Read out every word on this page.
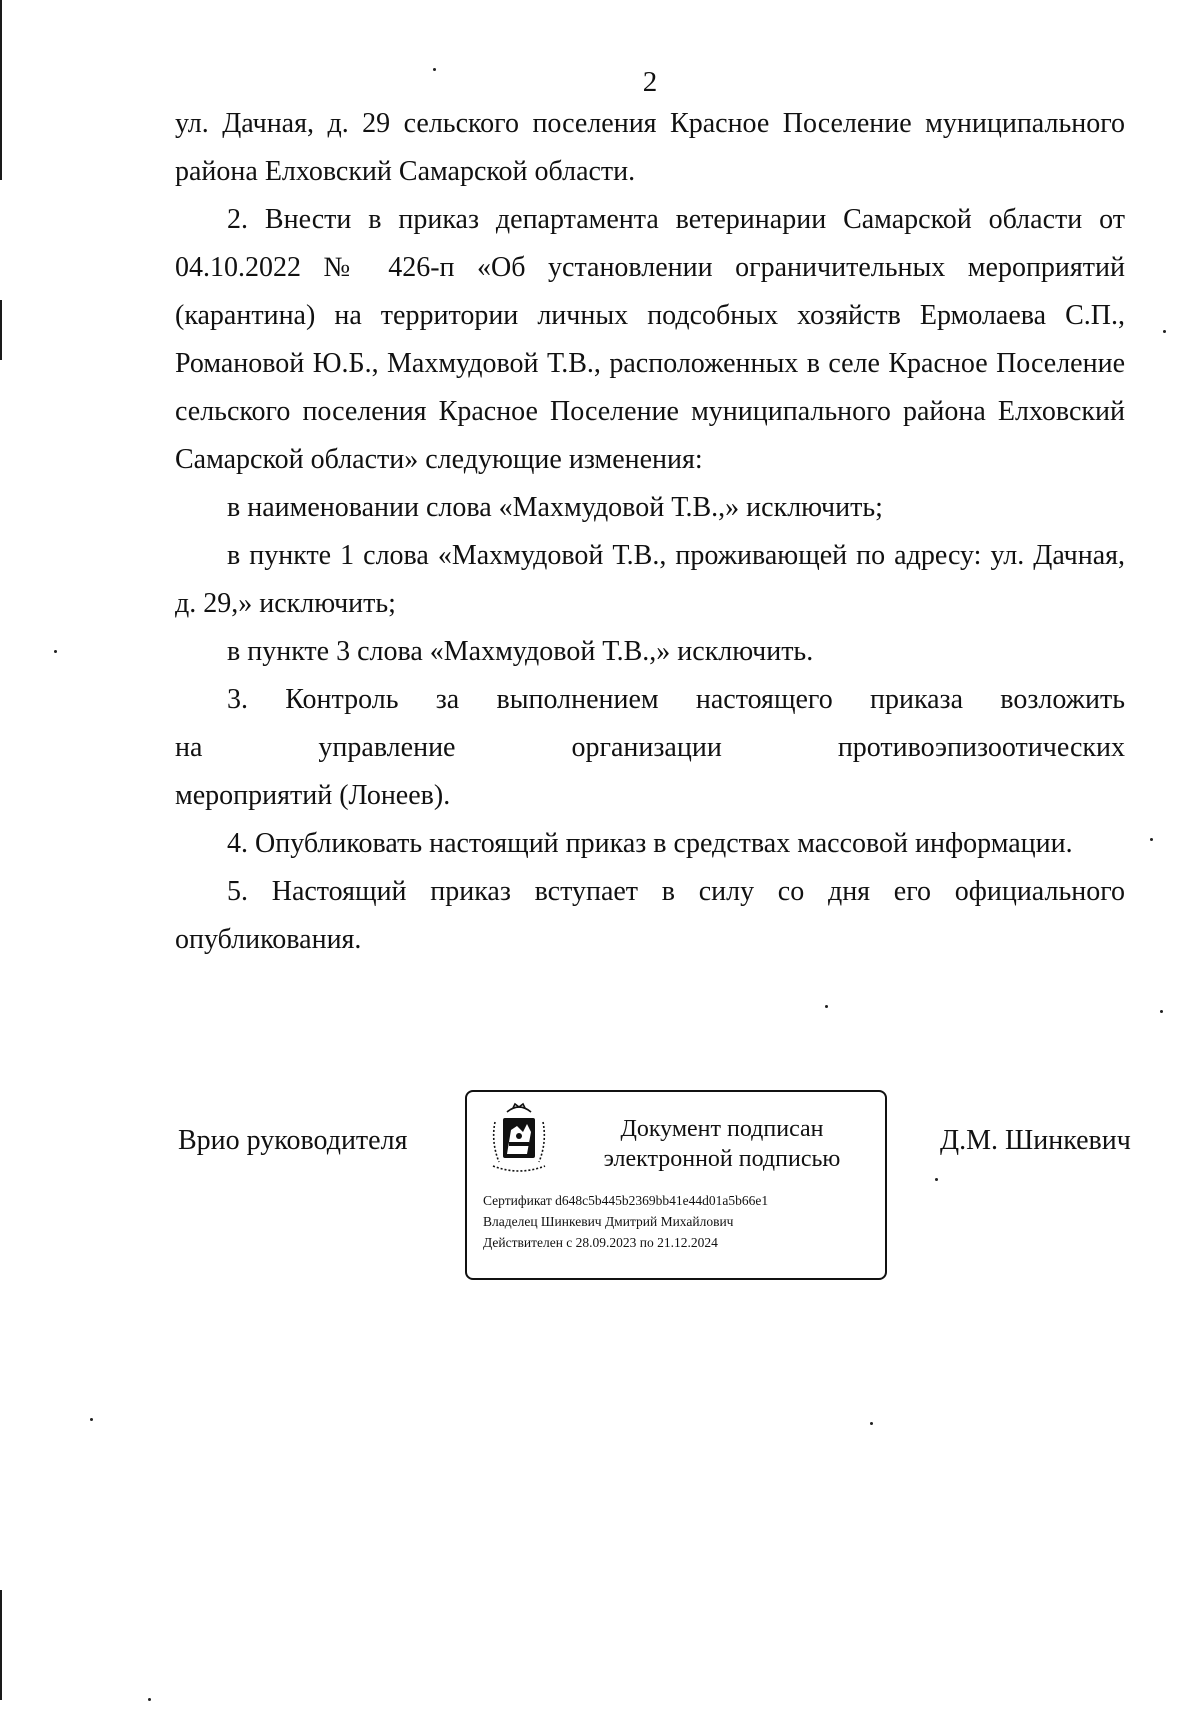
2

ул. Дачная, д. 29 сельского поселения Красное Поселение муниципального

района Елховский Самарской области.

2. Внести в приказ департамента ветеринарии Самарской области от 04.10.2022 № 426-п «Об установлении ограничительных мероприятий (карантина) на территории личных подсобных хозяйств Ермолаева С.П., Романовой Ю.Б., Махмудовой Т.В., расположенных в селе Красное Поселение сельского поселения Красное Поселение муниципального района Елховский Самарской области» следующие изменения:

в наименовании слова «Махмудовой Т.В.,» исключить;

в пункте 1 слова «Махмудовой Т.В., проживающей по адресу: ул. Дачная, д. 29,» исключить;

в пункте 3 слова «Махмудовой Т.В.,» исключить.

3. Контроль за выполнением настоящего приказа возложить

на	управление	организации	противоэпизоотических

мероприятий (Лонеев).

4. Опубликовать настоящий приказ в средствах массовой информации.

5. Настоящий приказ вступает в силу со дня его официального опубликования.

Врио руководителя	Документ подписан
электронной подписью
Сертификат d648c5b445b2369bb41e44d01a5b66e1
Владелец Шинкевич Дмитрий Михайлович
Действителен с 28.09.2023 по 21.12.2024
Д.М. Шинкевич
